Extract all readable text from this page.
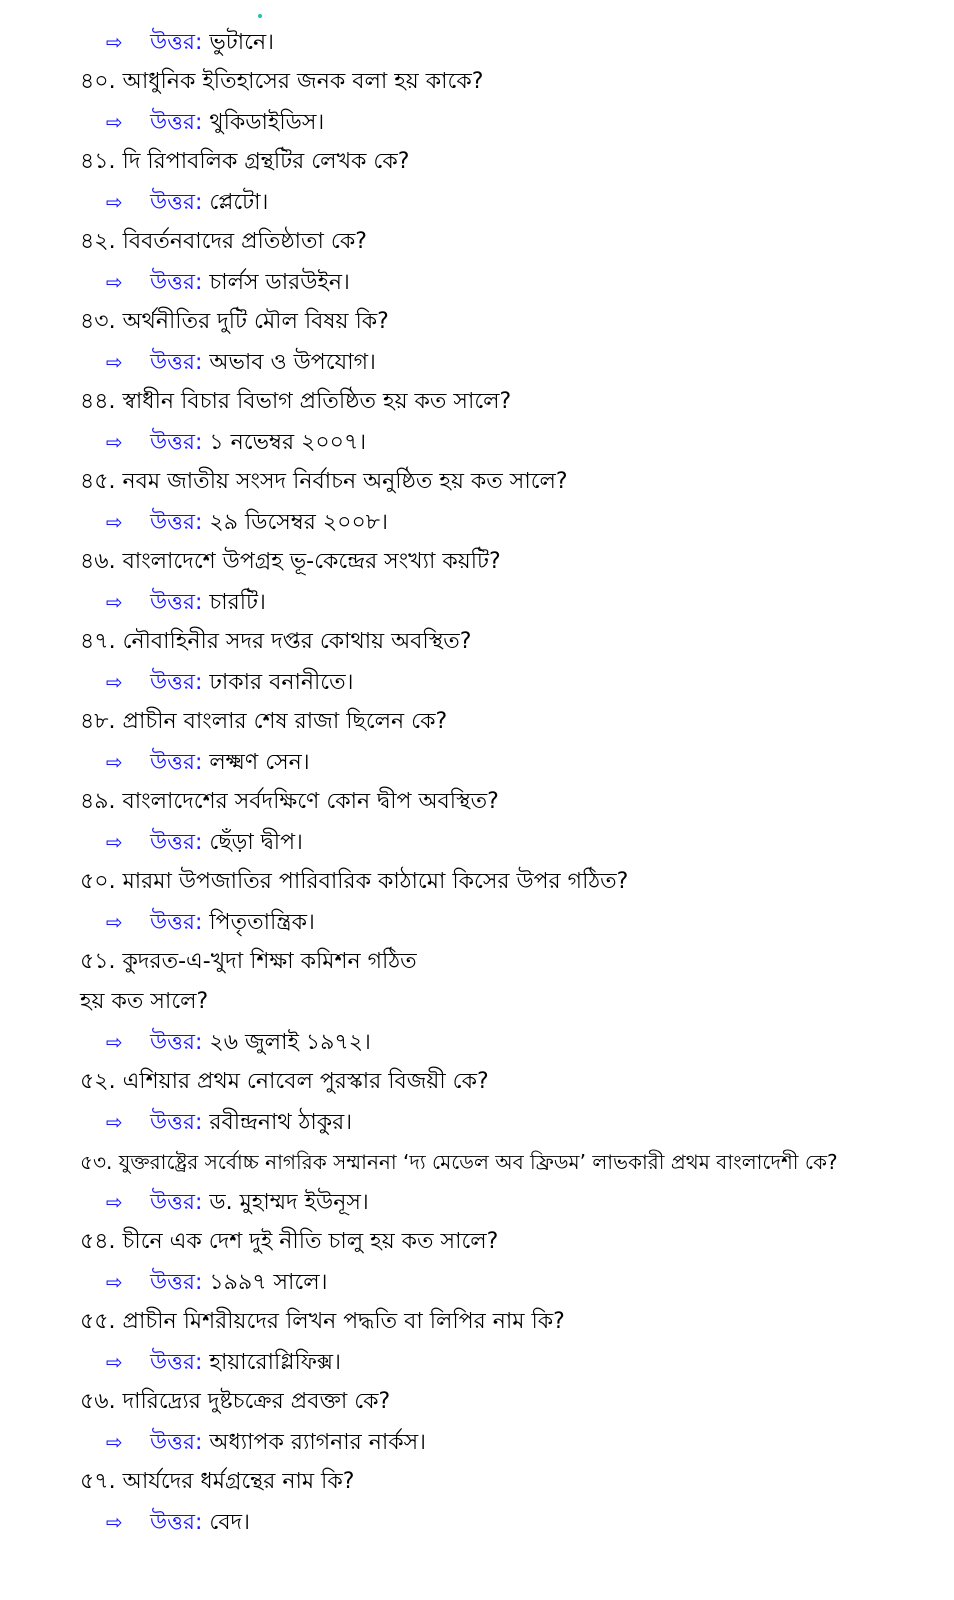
⇨ উত্তর: ভুটানে।
৪০. আধুনিক ইতিহাসের জনক বলা হয় কাকে?
⇨ উত্তর: থুকিডাইডিস।
৪১. দি রিপাবলিক গ্রন্থটির লেখক কে?
⇨ উত্তর: প্লেটো।
৪২. বিবর্তনবাদের প্রতিষ্ঠাতা কে?
⇨ উত্তর: চার্লস ডারউইন।
৪৩. অর্থনীতির দুটি মৌল বিষয় কি?
⇨ উত্তর: অভাব ও উপযোগ।
৪৪. স্বাধীন বিচার বিভাগ প্রতিষ্ঠিত হয় কত সালে?
⇨ উত্তর: ১ নভেম্বর ২০০৭।
৪৫. নবম জাতীয় সংসদ নির্বাচন অনুষ্ঠিত হয় কত সালে?
⇨ উত্তর: ২৯ ডিসেম্বর ২০০৮।
৪৬. বাংলাদেশে উপগ্রহ ভূ-কেন্দ্রের সংখ্যা কয়টি?
⇨ উত্তর: চারটি।
৪৭. নৌবাহিনীর সদর দপ্তর কোথায় অবস্থিত?
⇨ উত্তর: ঢাকার বনানীতে।
৪৮. প্রাচীন বাংলার শেষ রাজা ছিলেন কে?
⇨ উত্তর: লক্ষ্মণ সেন।
৪৯. বাংলাদেশের সর্বদক্ষিণে কোন দ্বীপ অবস্থিত?
⇨ উত্তর: ছেঁড়া দ্বীপ।
৫০. মারমা উপজাতির পারিবারিক কাঠামো কিসের উপর গঠিত?
⇨ উত্তর: পিতৃতান্ত্রিক।
৫১. কুদরত-এ-খুদা শিক্ষা কমিশন গঠিত
হয় কত সালে?
⇨ উত্তর: ২৬ জুলাই ১৯৭২।
৫২. এশিয়ার প্রথম নোবেল পুরস্কার বিজয়ী কে?
⇨ উত্তর: রবীন্দ্রনাথ ঠাকুর।
৫৩. যুক্তরাষ্ট্রের সর্বোচ্চ নাগরিক সম্মাননা ‘দ্য মেডেল অব ফ্রিডম’ লাভকারী প্রথম বাংলাদেশী কে?
⇨ উত্তর: ড. মুহাম্মদ ইউনূস।
৫৪. চীনে এক দেশ দুই নীতি চালু হয় কত সালে?
⇨ উত্তর: ১৯৯৭ সালে।
৫৫. প্রাচীন মিশরীয়দের লিখন পদ্ধতি বা লিপির নাম কি?
⇨ উত্তর: হায়ারোগ্লিফিক্স।
৫৬. দারিদ্র্যের দুষ্টচক্রের প্রবক্তা কে?
⇨ উত্তর: অধ্যাপক র‍্যাগনার নার্কস।
৫৭. আর্যদের ধর্মগ্রন্থের নাম কি?
⇨ উত্তর: বেদ।
